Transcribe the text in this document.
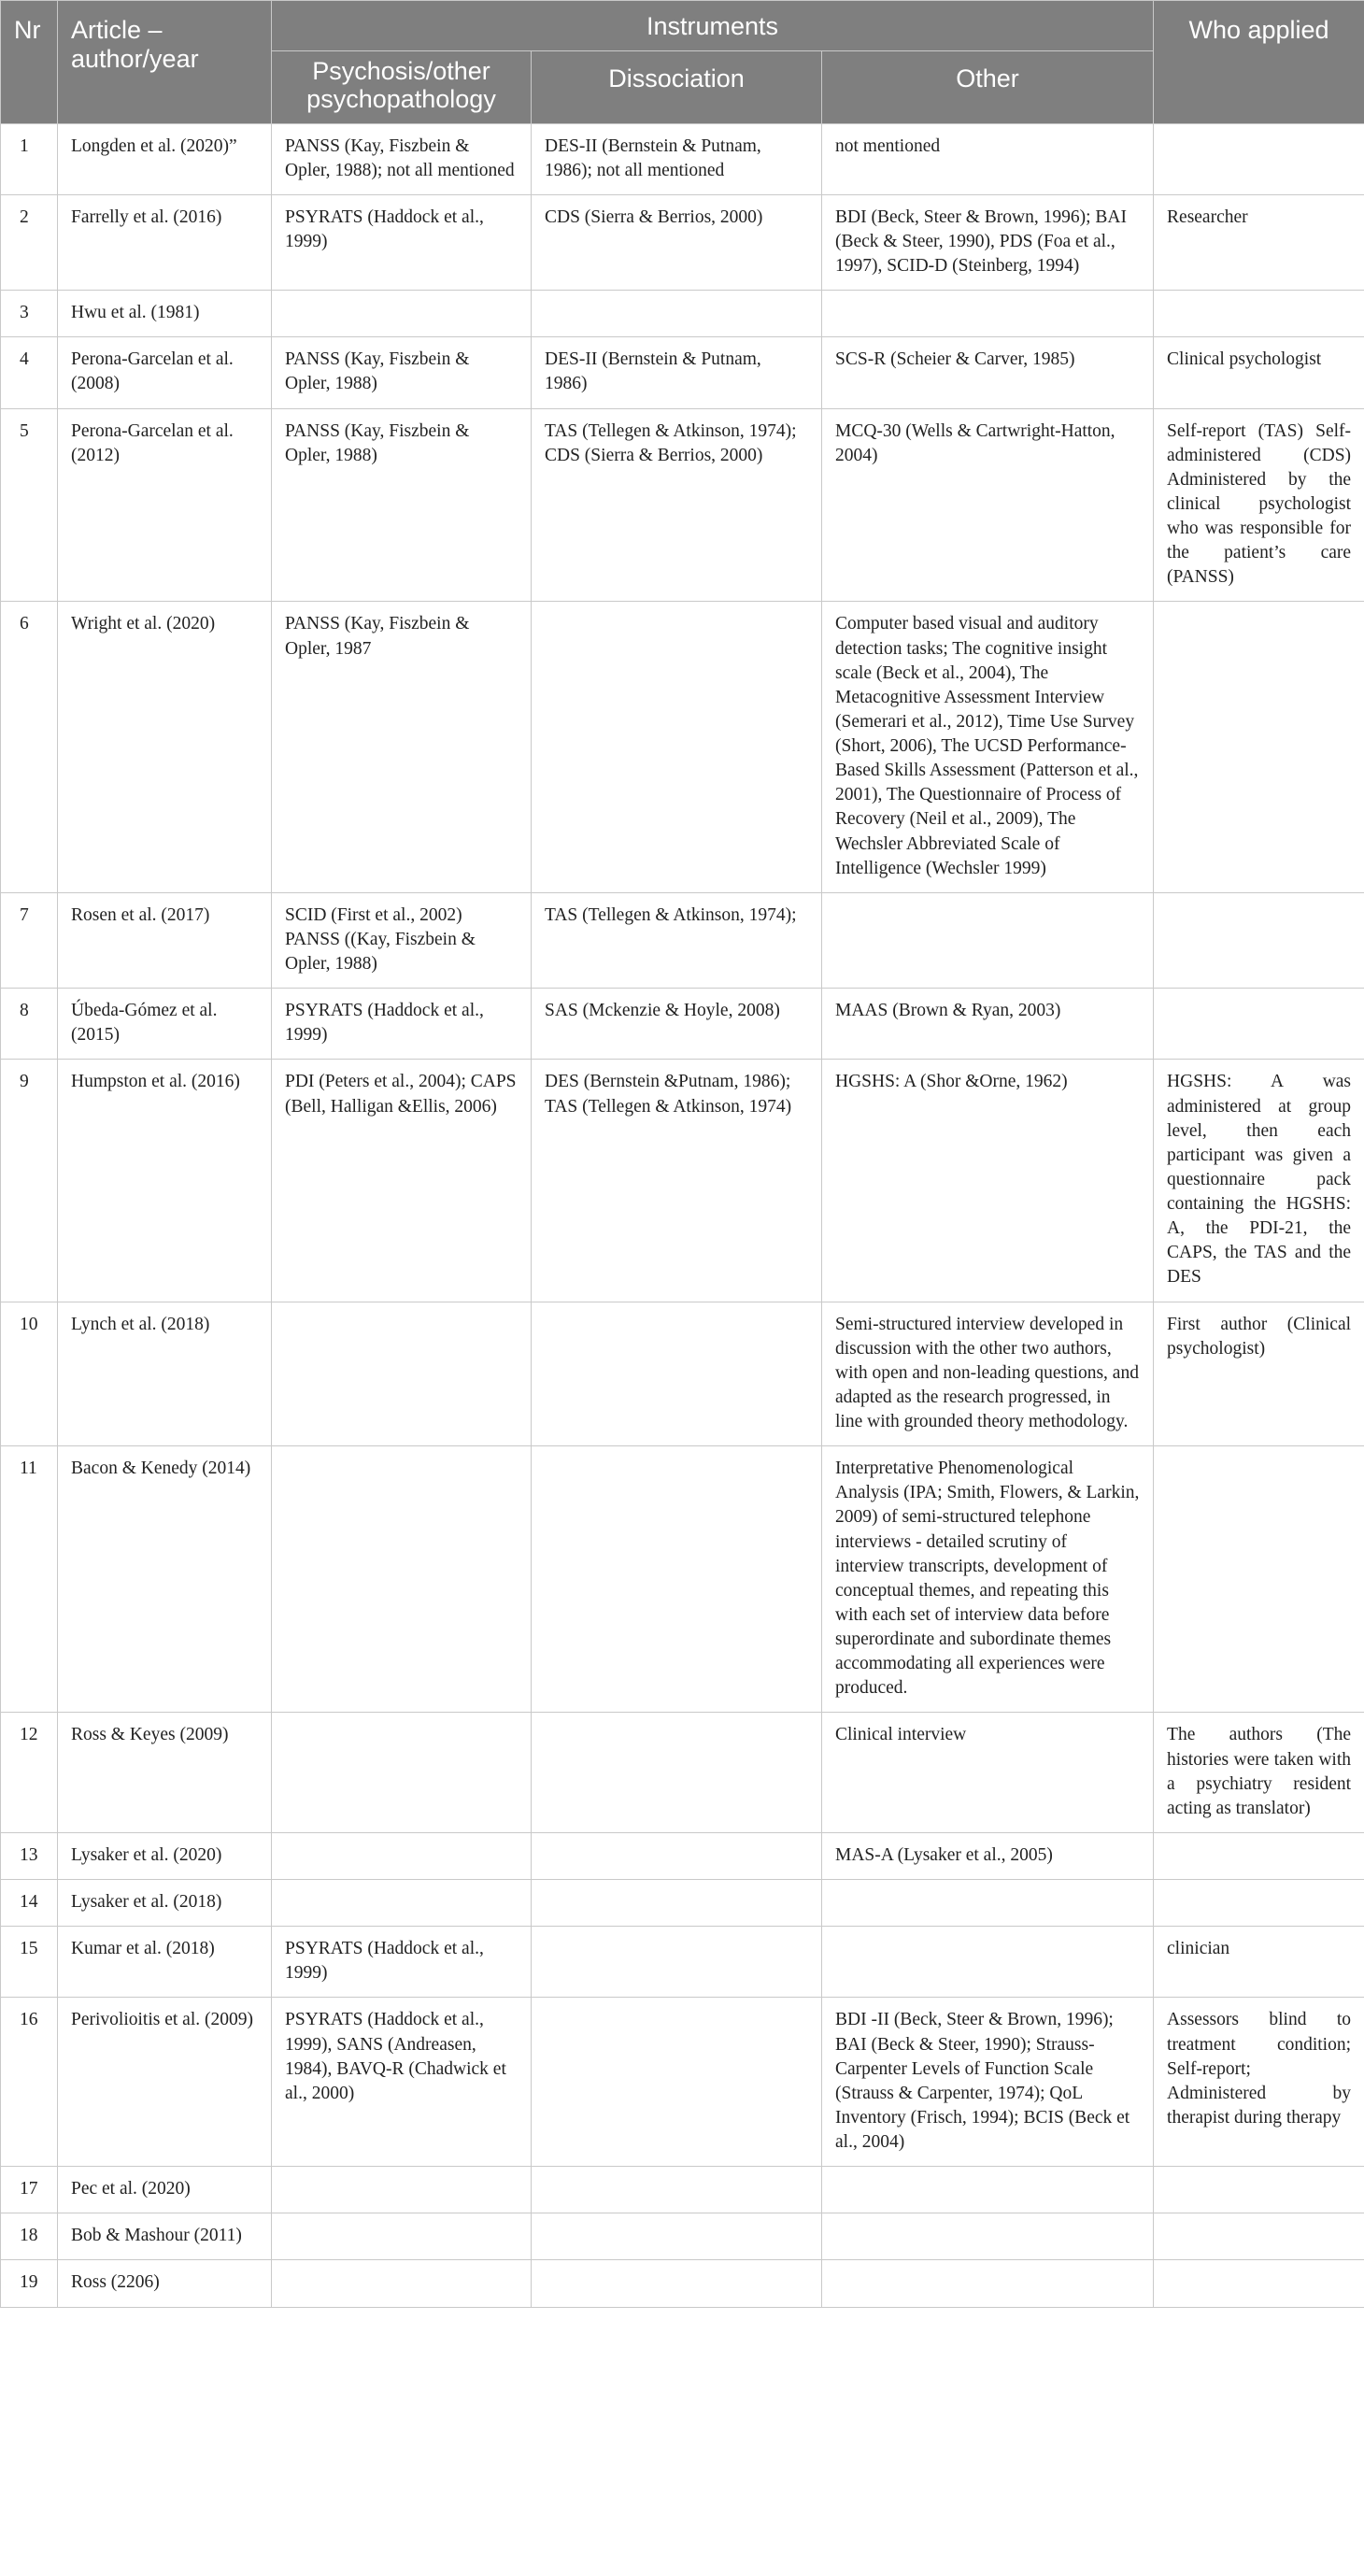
Nr	Article –
author/year	Instruments			Who applied
		Psychosis/other psychopathology	Dissociation	Other	
1	Longden et al. (2020)”	PANSS (Kay, Fiszbein & Opler, 1988); not all mentioned	DES-II (Bernstein & Putnam, 1986); not all mentioned	not mentioned	
2	Farrelly et al. (2016)	PSYRATS (Haddock et al., 1999)	CDS (Sierra & Berrios, 2000)	BDI (Beck, Steer & Brown, 1996); BAI (Beck & Steer, 1990), PDS (Foa et al., 1997), SCID-D (Steinberg, 1994)	Researcher
3	Hwu et al. (1981)				
4	Perona-Garcelan et al. (2008)	PANSS (Kay, Fiszbein & Opler, 1988)	DES-II (Bernstein & Putnam, 1986)	SCS-R (Scheier & Carver, 1985)	Clinical psychologist
5	Perona-Garcelan et al. (2012)	PANSS (Kay, Fiszbein & Opler, 1988)	TAS (Tellegen & Atkinson, 1974); CDS (Sierra & Berrios, 2000)	MCQ-30 (Wells & Cartwright-Hatton, 2004)	Self-report (TAS) Self-administered (CDS) Administered by the clinical psychologist who was responsible for the patient’s care (PANSS)
6	Wright et al. (2020)	PANSS (Kay, Fiszbein & Opler, 1987		Computer based visual and auditory detection tasks; The cognitive insight scale (Beck et al., 2004), The Metacognitive Assessment Interview (Semerari et al., 2012), Time Use Survey (Short, 2006), The UCSD Performance-Based Skills Assessment (Patterson et al., 2001), The Questionnaire of Process of Recovery (Neil et al., 2009), The Wechsler Abbreviated Scale of Intelligence (Wechsler 1999)	
7	Rosen et al. (2017)	SCID (First et al., 2002) PANSS ((Kay, Fiszbein & Opler, 1988)	TAS (Tellegen & Atkinson, 1974);		
8	Úbeda-Gómez et al. (2015)	PSYRATS (Haddock et al., 1999)	SAS (Mckenzie & Hoyle, 2008)	MAAS (Brown & Ryan, 2003)	
9	Humpston et al. (2016)	PDI (Peters et al., 2004); CAPS (Bell, Halligan &Ellis, 2006)	DES (Bernstein &Putnam, 1986); TAS (Tellegen & Atkinson, 1974)	HGSHS: A (Shor &Orne, 1962)	HGSHS: A was administered at group level, then each participant was given a questionnaire pack containing the HGSHS: A, the PDI-21, the CAPS, the TAS and the DES
10	Lynch et al. (2018)			Semi-structured interview developed in discussion with the other two authors, with open and non-leading questions, and adapted as the research progressed, in line with grounded theory methodology.	First author (Clinical psychologist)
11	Bacon & Kenedy (2014)			Interpretative Phenomenological Analysis (IPA; Smith, Flowers, & Larkin, 2009) of semi-structured telephone interviews - detailed scrutiny of interview transcripts, development of conceptual themes, and repeating this with each set of interview data before superordinate and subordinate themes accommodating all experiences were produced.	
12	Ross & Keyes (2009)			Clinical interview	The authors (The histories were taken with a psychiatry resident acting as translator)
13	Lysaker et al. (2020)			MAS-A (Lysaker et al., 2005)	
14	Lysaker et al. (2018)				
15	Kumar et al. (2018)	PSYRATS (Haddock et al., 1999)			clinician
16	Perivolioitis et al. (2009)	PSYRATS (Haddock et al., 1999), SANS (Andreasen, 1984), BAVQ-R (Chadwick et al., 2000)		BDI -II (Beck, Steer & Brown, 1996); BAI (Beck & Steer, 1990); Strauss-Carpenter Levels of Function Scale (Strauss & Carpenter, 1974); QoL Inventory (Frisch, 1994); BCIS (Beck et al., 2004)	Assessors blind to treatment condition; Self-report; Administered by therapist during therapy
17	Pec et al. (2020)				
18	Bob & Mashour (2011)				
19	Ross (2206)				
